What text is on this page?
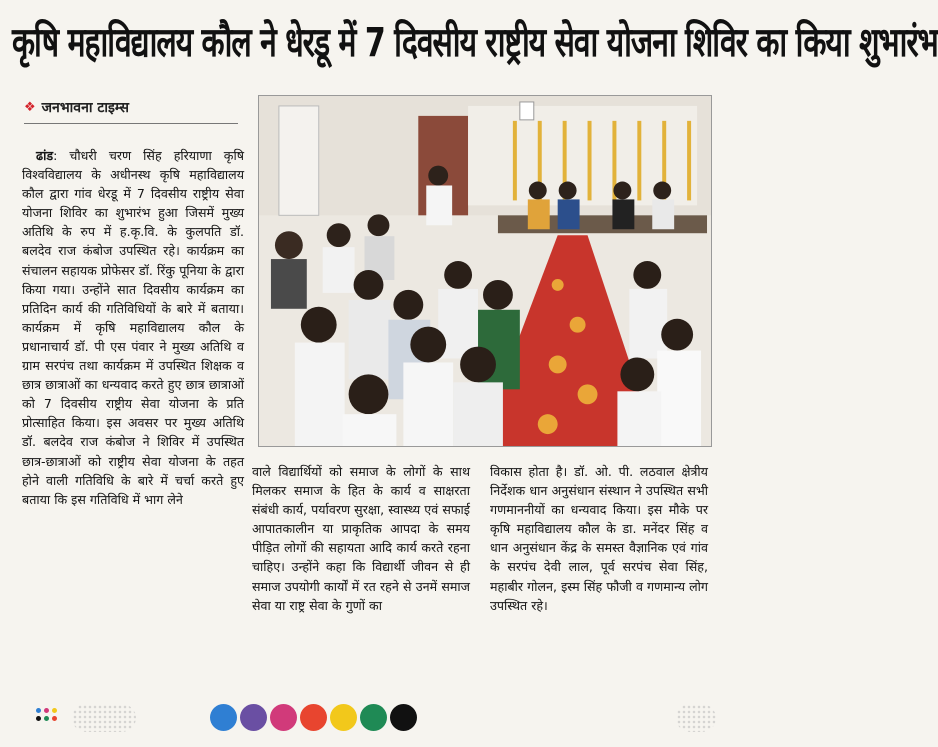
कृषि महाविद्यालय कौल ने धेरडू में 7 दिवसीय राष्ट्रीय सेवा योजना शिविर का किया शुभारंभ
❖ जनभावना टाइम्स
ढांड: चौधरी चरण सिंह हरियाणा कृषि विश्वविद्यालय के अधीनस्थ कृषि महाविद्यालय कौल द्वारा गांव धेरडू में 7 दिवसीय राष्ट्रीय सेवा योजना शिविर का शुभारंभ हुआ जिसमें मुख्य अतिथि के रुप में ह.कृ.वि. के कुलपति डॉ. बलदेव राज कंबोज उपस्थित रहे। कार्यक्रम का संचालन सहायक प्रोफेसर डॉ. रिंकु पूनिया के द्वारा किया गया। उन्होंने सात दिवसीय कार्यक्रम का प्रतिदिन कार्य की गतिविधियों के बारे में बताया। कार्यक्रम में कृषि महाविद्यालय कौल के प्रधानाचार्य डॉ. पी एस पंवार ने मुख्य अतिथि व ग्राम सरपंच तथा कार्यक्रम में उपस्थित शिक्षक व छात्र छात्राओं का धन्यवाद करते हुए छात्र छात्राओं को 7 दिवसीय राष्ट्रीय सेवा योजना के प्रति प्रोत्साहित किया। इस अवसर पर मुख्य अतिथि डॉ. बलदेव राज कंबोज ने शिविर में उपस्थित छात्र-छात्राओं को राष्ट्रीय सेवा योजना के तहत होने वाली गतिविधि के बारे में चर्चा करते हुए बताया कि इस गतिविधि में भाग लेने
वाले विद्यार्थियों को समाज के लोगों के साथ मिलकर समाज के हित के कार्य व साक्षरता संबंधी कार्य, पर्यावरण सुरक्षा, स्वास्थ्य एवं सफाई आपातकालीन या प्राकृतिक आपदा के समय पीड़ित लोगों की सहायता आदि कार्य करते रहना चाहिए। उन्होंने कहा कि विद्यार्थी जीवन से ही समाज उपयोगी कार्यों में रत रहने से उनमें समाज सेवा या राष्ट्र सेवा के गुणों का
विकास होता है। डॉ. ओ. पी. लठवाल क्षेत्रीय निर्देशक धान अनुसंधान संस्थान ने उपस्थित सभी गणमाननीयों का धन्यवाद किया। इस मौके पर कृषि महाविद्यालय कौल के डा. मनेंदर सिंह व धान अनुसंधान केंद्र के समस्त वैज्ञानिक एवं गांव के सरपंच देवी लाल, पूर्व सरपंच सेवा सिंह, महाबीर गोलन, इस्म सिंह फौजी व गणमान्य लोग उपस्थित रहे।
